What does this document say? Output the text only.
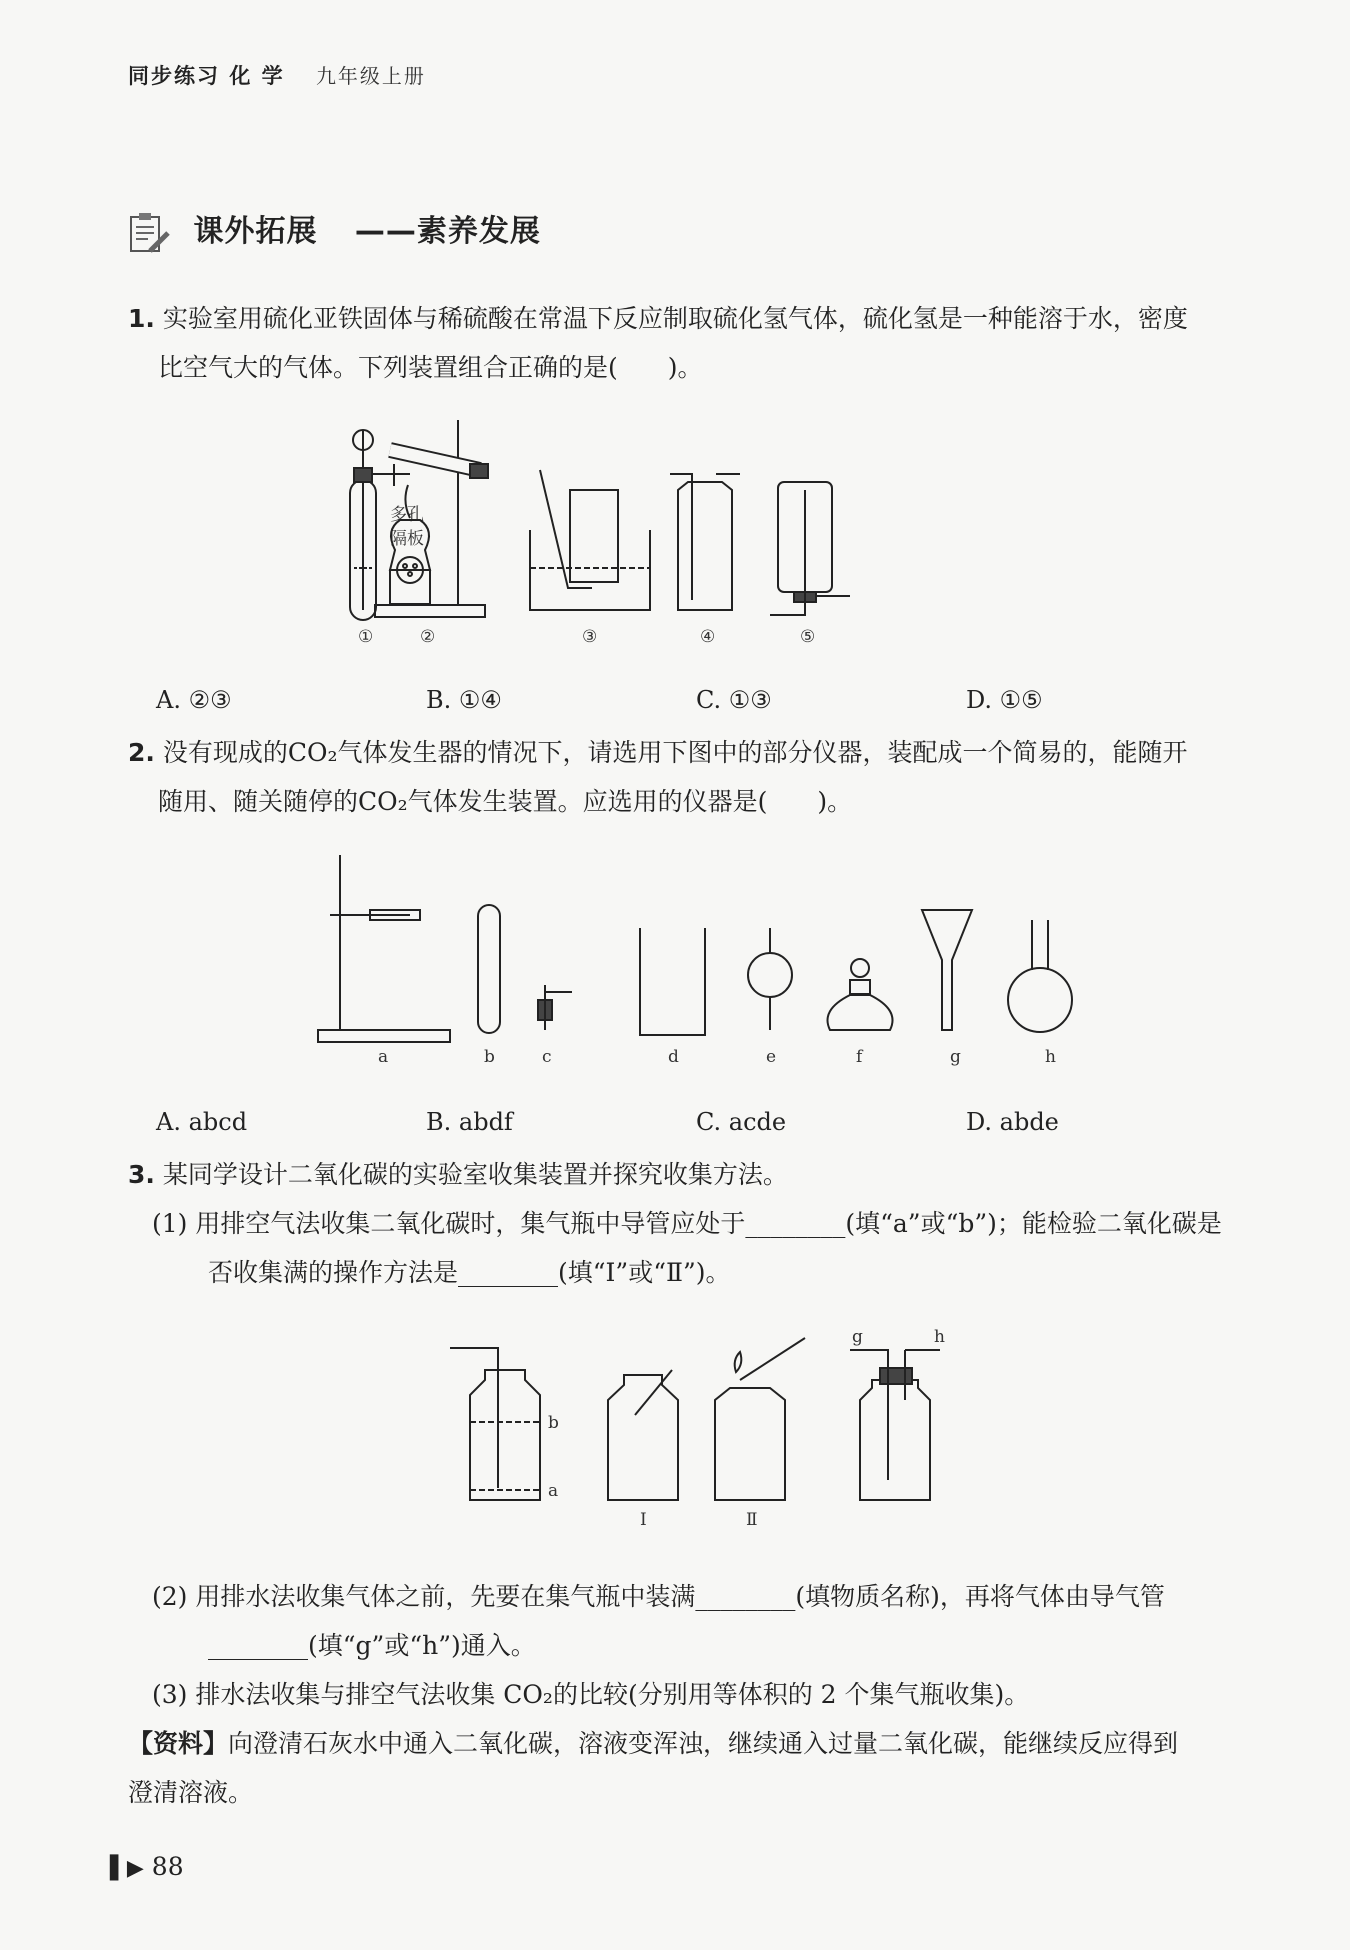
同步练习 化 学 九年级上册
课外拓展 ——素养发展
1. 实验室用硫化亚铁固体与稀硫酸在常温下反应制取硫化氢气体，硫化氢是一种能溶于水，密度
比空气大的气体。下列装置组合正确的是(　　)。
多孔
隔板
①	②	③	④	⑤
A. ②③	B. ①④	C. ①③	D. ①⑤
2. 没有现成的CO₂气体发生器的情况下，请选用下图中的部分仪器，装配成一个简易的，能随开
随用、随关随停的CO₂气体发生装置。应选用的仪器是(　　)。
a	b	c	d	e	f	g	h
A. abcd	B. abdf	C. acde	D. abde
3. 某同学设计二氧化碳的实验室收集装置并探究收集方法。
(1) 用排空气法收集二氧化碳时，集气瓶中导管应处于________(填“a”或“b”)；能检验二氧化碳是
否收集满的操作方法是________(填“Ⅰ”或“Ⅱ”)。
b
a
Ⅰ	Ⅱ
g	h
(2) 用排水法收集气体之前，先要在集气瓶中装满________(填物质名称)，再将气体由导气管
________(填“g”或“h”)通入。
(3) 排水法收集与排空气法收集 CO₂的比较(分别用等体积的 2 个集气瓶收集)。
【资料】向澄清石灰水中通入二氧化碳，溶液变浑浊，继续通入过量二氧化碳，能继续反应得到
澄清溶液。
▌▶ 88
